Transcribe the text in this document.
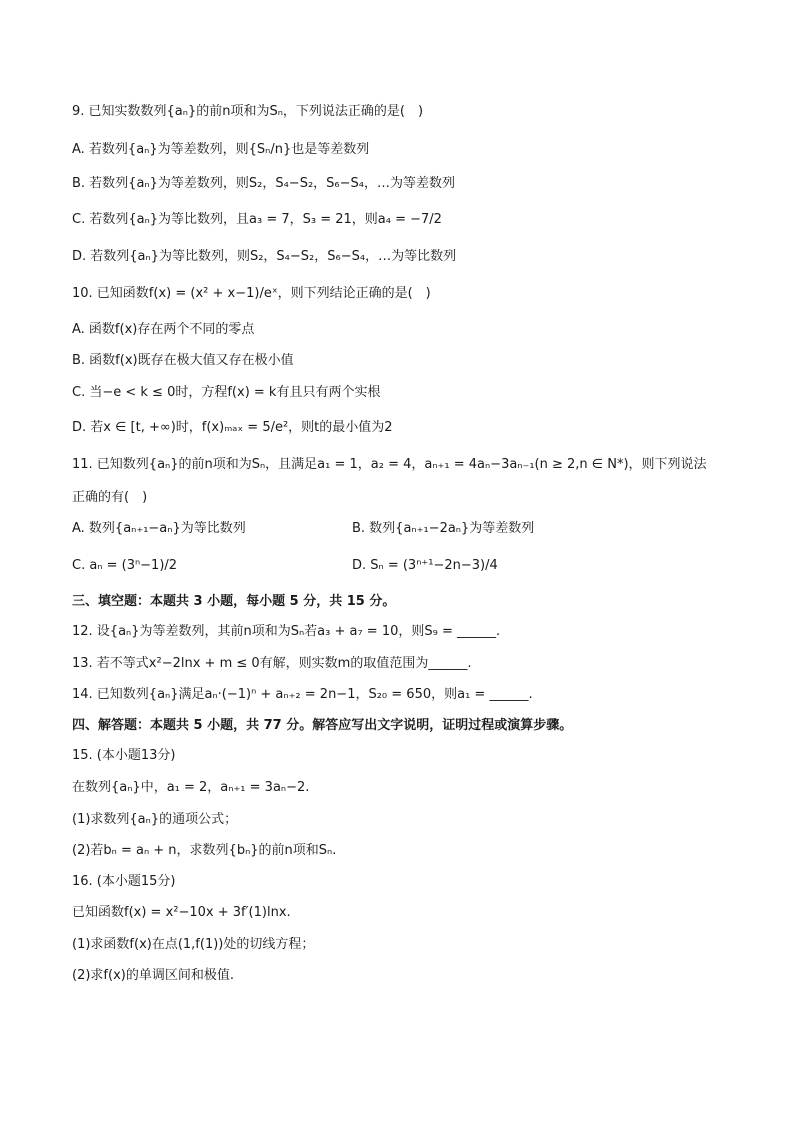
9. 已知实数数列{aₙ}的前n项和为Sₙ，下列说法正确的是(　)
A. 若数列{aₙ}为等差数列，则{Sₙ/n}也是等差数列
B. 若数列{aₙ}为等差数列，则S₂，S₄−S₂，S₆−S₄，…为等差数列
C. 若数列{aₙ}为等比数列，且a₃ = 7，S₃ = 21，则a₄ = −7/2
D. 若数列{aₙ}为等比数列，则S₂，S₄−S₂，S₆−S₄，…为等比数列
10. 已知函数f(x) = (x² + x−1)/eˣ，则下列结论正确的是(　)
A. 函数f(x)存在两个不同的零点
B. 函数f(x)既存在极大值又存在极小值
C. 当−e < k ≤ 0时，方程f(x) = k有且只有两个实根
D. 若x ∈ [t, +∞)时，f(x)ₘₐₓ = 5/e²，则t的最小值为2
11. 已知数列{aₙ}的前n项和为Sₙ，且满足a₁ = 1，a₂ = 4，aₙ₊₁ = 4aₙ−3aₙ₋₁(n ≥ 2,n ∈ N*)，则下列说法
正确的有(　)
A. 数列{aₙ₊₁−aₙ}为等比数列	B. 数列{aₙ₊₁−2aₙ}为等差数列
C. aₙ = (3ⁿ−1)/2	D. Sₙ = (3ⁿ⁺¹−2n−3)/4
三、填空题：本题共 3 小题，每小题 5 分，共 15 分。
12. 设{aₙ}为等差数列，其前n项和为Sₙ若a₃ + a₇ = 10，则S₉ = ______.
13. 若不等式x²−2lnx + m ≤ 0有解，则实数m的取值范围为______.
14. 已知数列{aₙ}满足aₙ·(−1)ⁿ + aₙ₊₂ = 2n−1，S₂₀ = 650，则a₁ = ______.
四、解答题：本题共 5 小题，共 77 分。解答应写出文字说明，证明过程或演算步骤。
15. (本小题13分)
在数列{aₙ}中，a₁ = 2，aₙ₊₁ = 3aₙ−2.
(1)求数列{aₙ}的通项公式；
(2)若bₙ = aₙ + n，求数列{bₙ}的前n项和Sₙ.
16. (本小题15分)
已知函数f(x) = x²−10x + 3f′(1)lnx.
(1)求函数f(x)在点(1,f(1))处的切线方程；
(2)求f(x)的单调区间和极值.
